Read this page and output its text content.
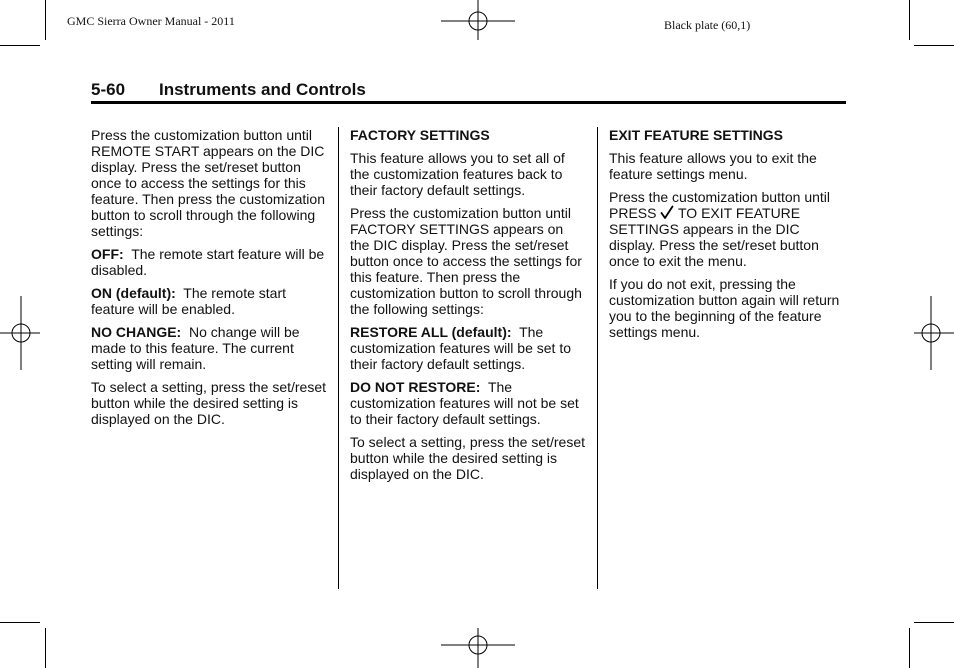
GMC Sierra Owner Manual - 2011	Black plate (60,1)
5-60 Instruments and Controls

Press the customization button until REMOTE START appears on the DIC display. Press the set/reset button once to access the settings for this feature. Then press the customization button to scroll through the following settings:

OFF: The remote start feature will be disabled.

ON (default): The remote start feature will be enabled.

NO CHANGE: No change will be made to this feature. The current setting will remain.

To select a setting, press the set/reset button while the desired setting is displayed on the DIC.

FACTORY SETTINGS

This feature allows you to set all of the customization features back to their factory default settings.

Press the customization button until FACTORY SETTINGS appears on the DIC display. Press the set/reset button once to access the settings for this feature. Then press the customization button to scroll through the following settings:

RESTORE ALL (default): The customization features will be set to their factory default settings.

DO NOT RESTORE: The customization features will not be set to their factory default settings.

To select a setting, press the set/reset button while the desired setting is displayed on the DIC.

EXIT FEATURE SETTINGS

This feature allows you to exit the feature settings menu.

Press the customization button until PRESS TO EXIT FEATURE SETTINGS appears in the DIC display. Press the set/reset button once to exit the menu.

If you do not exit, pressing the customization button again will return you to the beginning of the feature settings menu.
